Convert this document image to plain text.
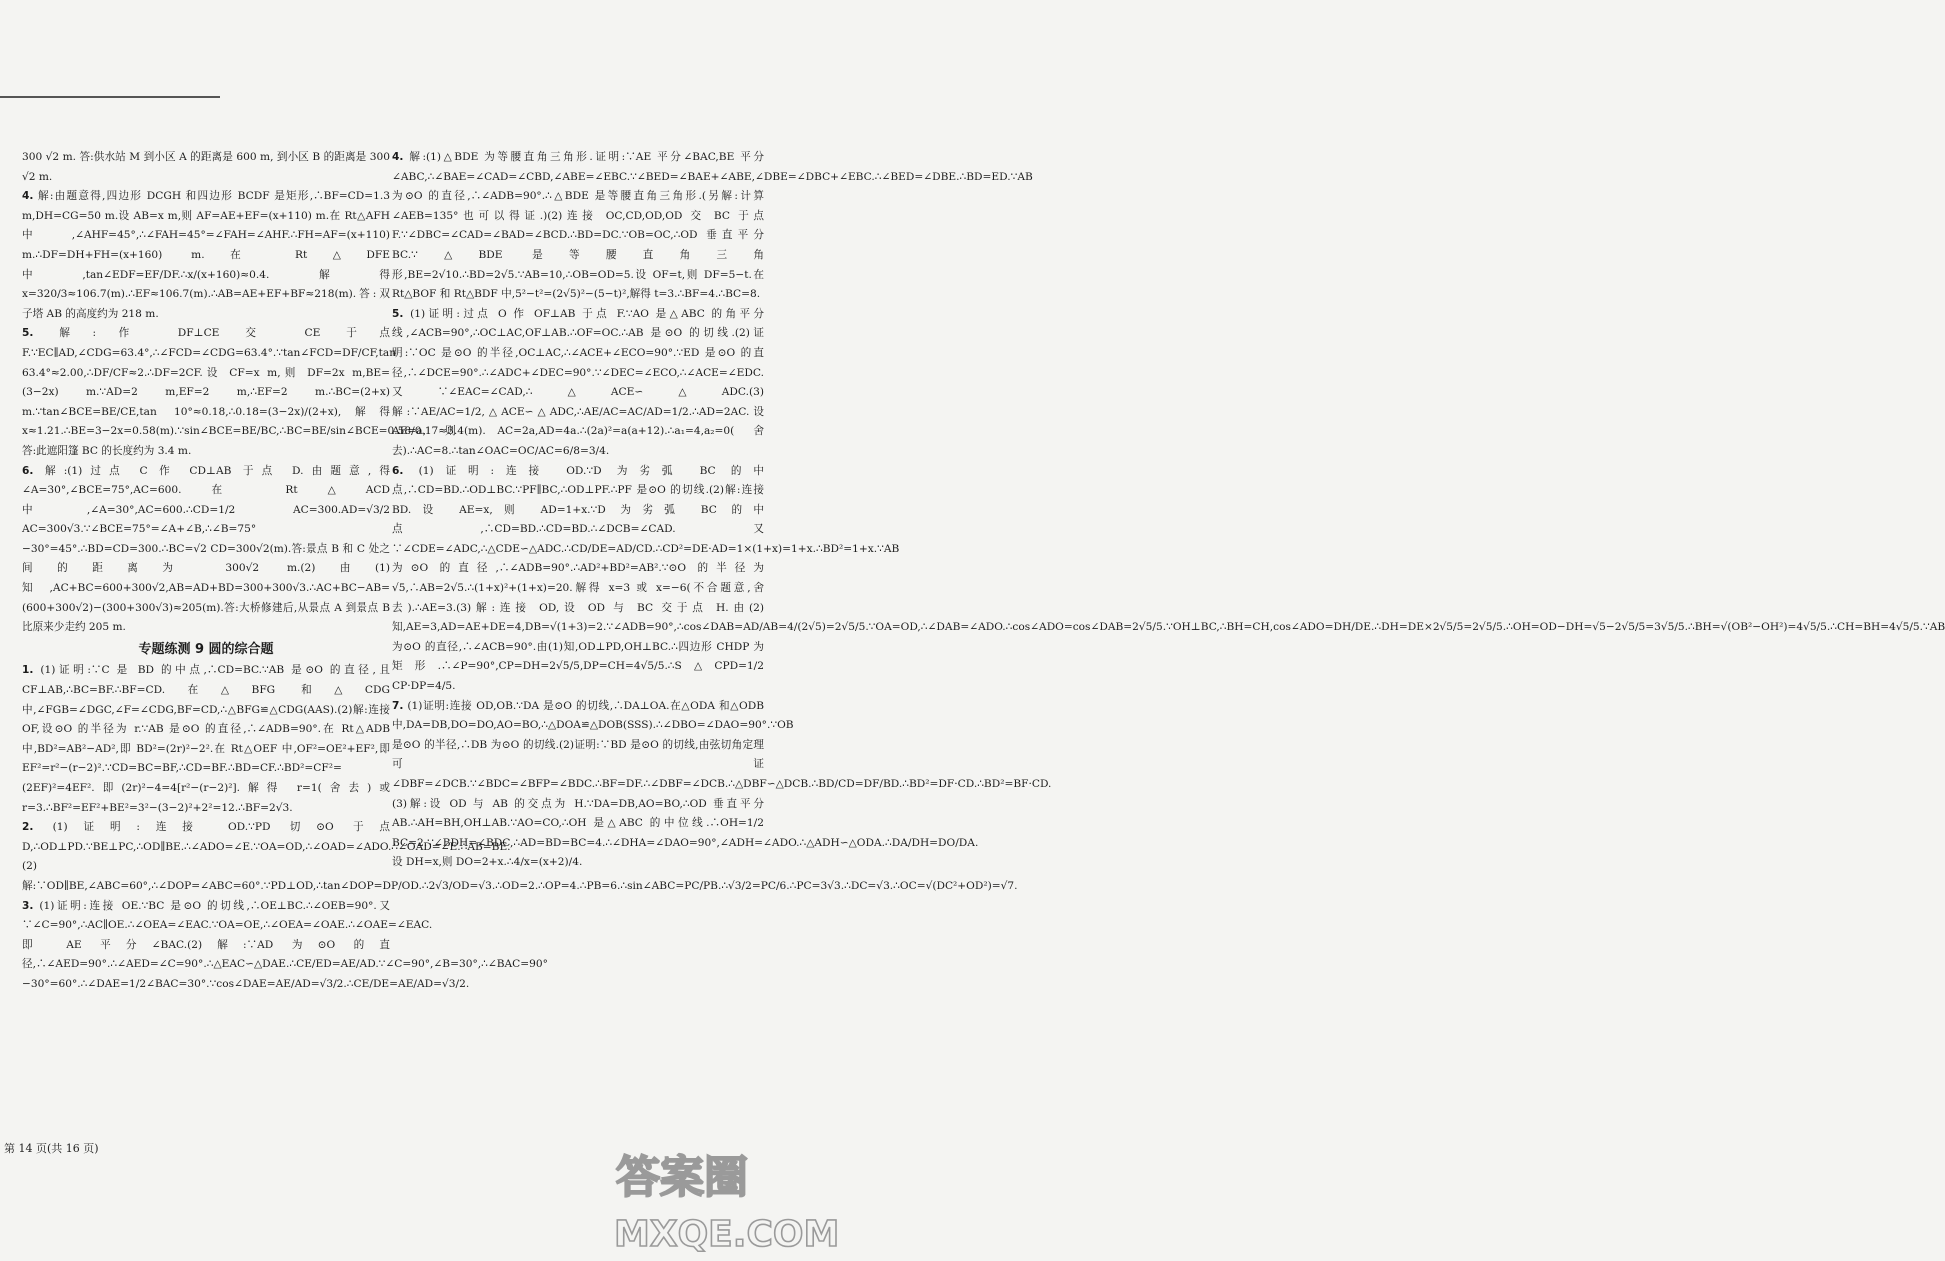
300 √2 m. 答:供水站 M 到小区 A 的距离是 600 m, 到小区 B 的距离是 300 √2 m.

4. 解:由题意得,四边形 DCGH 和四边形 BCDF 是矩形,∴BF=CD=1.3 m,DH=CG=50 m.设 AB=x m,则 AF=AE+EF=(x+110) m.在 Rt△AFH 中,∠AHF=45°,∴∠FAH=45°=∠FAH=∠AHF.∴FH=AF=(x+110) m.∴DF=DH+FH=(x+160) m.在 Rt△DFE 中,tan∠EDF=EF/DF.∴x/(x+160)≈0.4.解得 x=320/3≈106.7(m).∴EF≈106.7(m).∴AB=AE+EF+BF≈218(m).答:双子塔 AB 的高度约为 218 m.

5. 解:作 DF⊥CE 交 CE 于点 F.∵EC∥AD,∠CDG=63.4°,∴∠FCD=∠CDG=63.4°.∵tan∠FCD=DF/CF,tan 63.4°≈2.00,∴DF/CF≈2.∴DF=2CF.设 CF=x m,则 DF=2x m,BE=(3−2x) m.∵AD=2 m,EF=2 m,∴EF=2 m.∴BC=(2+x) m.∵tan∠BCE=BE/CE,tan 10°≈0.18,∴0.18=(3−2x)/(2+x),解得 x≈1.21.∴BE=3−2x=0.58(m).∵sin∠BCE=BE/BC,∴BC=BE/sin∠BCE=0.58/0.17≈3.4(m).答:此遮阳篷 BC 的长度约为 3.4 m.

6. 解:(1)过点 C 作 CD⊥AB 于点 D.由题意,得∠A=30°,∠BCE=75°,AC=600.在 Rt△ACD 中,∠A=30°,AC=600.∴CD=1/2 AC=300.AD=√3/2 AC=300√3.∵∠BCE=75°=∠A+∠B,∴∠B=75°−30°=45°.∴BD=CD=300.∴BC=√2 CD=300√2(m).答:景点 B 和 C 处之间的距离为 300√2 m.(2)由(1)知,AC+BC=600+300√2,AB=AD+BD=300+300√3.∴AC+BC−AB=(600+300√2)−(300+300√3)≈205(m).答:大桥修建后,从景点 A 到景点 B 比原来少走约 205 m.

专题练测 9 圆的综合题

1. (1)证明:∵C 是 BD 的中点,∴CD=BC.∵AB 是⊙O 的直径,且 CF⊥AB,∴BC=BF.∴BF=CD.在△BFG 和△CDG 中,∠FGB=∠DGC,∠F=∠CDG,BF=CD,∴△BFG≌△CDG(AAS).(2)解:连接 OF,设⊙O 的半径为 r.∵AB 是⊙O 的直径,∴∠ADB=90°.在 Rt△ADB 中,BD²=AB²−AD²,即 BD²=(2r)²−2².在 Rt△OEF 中,OF²=OE²+EF²,即 EF²=r²−(r−2)².∵CD=BC=BF,∴CD=BF.∴BD=CF.∴BD²=CF²=(2EF)²=4EF².即(2r)²−4=4[r²−(r−2)²].解得 r=1(舍去)或 r=3.∴BF²=EF²+BE²=3²−(3−2)²+2²=12.∴BF=2√3.

2. (1)证明:连接 OD.∵PD 切⊙O 于点 D,∴OD⊥PD.∵BE⊥PC,∴OD∥BE.∴∠ADO=∠E.∵OA=OD,∴∠OAD=∠ADO.∴∠OAD=∠E.∴AB=BE.(2)解:∵OD∥BE,∠ABC=60°,∴∠DOP=∠ABC=60°.∵PD⊥OD,∴tan∠DOP=DP/OD.∴2√3/OD=√3.∴OD=2.∴OP=4.∴PB=6.∴sin∠ABC=PC/PB.∴√3/2=PC/6.∴PC=3√3.∴DC=√3.∴OC=√(DC²+OD²)=√7.

3. (1)证明:连接 OE.∵BC 是⊙O 的切线,∴OE⊥BC.∴∠OEB=90°.又∵∠C=90°,∴AC∥OE.∴∠OEA=∠EAC.∵OA=OE,∴∠OEA=∠OAE.∴∠OAE=∠EAC.即 AE 平分∠BAC.(2)解:∵AD 为⊙O 的直径,∴∠AED=90°.∴∠AED=∠C=90°.∴△EAC∽△DAE.∴CE/ED=AE/AD.∵∠C=90°,∠B=30°,∴∠BAC=90°−30°=60°.∴∠DAE=1/2∠BAC=30°.∵cos∠DAE=AE/AD=√3/2.∴CE/DE=AE/AD=√3/2.

4. 解:(1)△BDE 为等腰直角三角形.证明:∵AE 平分∠BAC,BE 平分∠ABC,∴∠BAE=∠CAD=∠CBD,∠ABE=∠EBC.∵∠BED=∠BAE+∠ABE,∠DBE=∠DBC+∠EBC.∴∠BED=∠DBE.∴BD=ED.∵AB 为⊙O 的直径,∴∠ADB=90°.∴△BDE 是等腰直角三角形.(另解:计算∠AEB=135°也可以得证.)(2)连接 OC,CD,OD,OD 交 BC 于点 F.∵∠DBC=∠CAD=∠BAD=∠BCD.∴BD=DC.∵OB=OC,∴OD 垂直平分 BC.∵△BDE 是等腰直角三角形,BE=2√10.∴BD=2√5.∵AB=10,∴OB=OD=5.设 OF=t,则 DF=5−t.在 Rt△BOF 和 Rt△BDF 中,5²−t²=(2√5)²−(5−t)²,解得 t=3.∴BF=4.∴BC=8.

5. (1)证明:过点 O 作 OF⊥AB 于点 F.∵AO 是△ABC 的角平分线,∠ACB=90°,∴OC⊥AC,OF⊥AB.∴OF=OC.∴AB 是⊙O 的切线.(2)证明:∵OC 是⊙O 的半径,OC⊥AC,∴∠ACE+∠ECO=90°.∵ED 是⊙O 的直径,∴∠DCE=90°.∴∠ADC+∠DEC=90°.∵∠DEC=∠ECO,∴∠ACE=∠EDC.又∵∠EAC=∠CAD,∴△ACE∽△ADC.(3)解:∵AE/AC=1/2,△ACE∽△ADC,∴AE/AC=AC/AD=1/2.∴AD=2AC.设 AE=a,则 AC=2a,AD=4a.∴(2a)²=a(a+12).∴a₁=4,a₂=0(舍去).∴AC=8.∴tan∠OAC=OC/AC=6/8=3/4.

6. (1)证明:连接 OD.∵D 为劣弧 BC 的中点,∴CD=BD.∴OD⊥BC.∵PF∥BC,∴OD⊥PF.∴PF 是⊙O 的切线.(2)解:连接 BD.设 AE=x,则 AD=1+x.∵D 为劣弧 BC 的中点,∴CD=BD.∴CD=BD.∴∠DCB=∠CAD.又∵∠CDE=∠ADC,∴△CDE∽△ADC.∴CD/DE=AD/CD.∴CD²=DE·AD=1×(1+x)=1+x.∴BD²=1+x.∵AB 为⊙O 的直径,∴∠ADB=90°.∴AD²+BD²=AB².∵⊙O 的半径为√5,∴AB=2√5.∴(1+x)²+(1+x)=20.解得 x=3 或 x=−6(不合题意,舍去).∴AE=3.(3)解:连接 OD,设 OD 与 BC 交于点 H.由(2)知,AE=3,AD=AE+DE=4,DB=√(1+3)=2.∵∠ADB=90°,∴cos∠DAB=AD/AB=4/(2√5)=2√5/5.∵OA=OD,∴∠DAB=∠ADO.∴cos∠ADO=cos∠DAB=2√5/5.∵OH⊥BC,∴BH=CH,cos∠ADO=DH/DE.∴DH=DE×2√5/5=2√5/5.∴OH=OD−DH=√5−2√5/5=3√5/5.∴BH=√(OB²−OH²)=4√5/5.∴CH=BH=4√5/5.∵AB 为⊙O 的直径,∴∠ACB=90°.由(1)知,OD⊥PD,OH⊥BC.∴四边形 CHDP 为矩形.∴∠P=90°,CP=DH=2√5/5,DP=CH=4√5/5.∴S△CPD=1/2 CP·DP=4/5.

7. (1)证明:连接 OD,OB.∵DA 是⊙O 的切线,∴DA⊥OA.在△ODA 和△ODB 中,DA=DB,DO=DO,AO=BO,∴△DOA≌△DOB(SSS).∴∠DBO=∠DAO=90°.∵OB 是⊙O 的半径,∴DB 为⊙O 的切线.(2)证明:∵BD 是⊙O 的切线,由弦切角定理可证∠DBF=∠DCB.∵∠BDC=∠BFP=∠BDC.∴BF=DF.∴∠DBF=∠DCB.∴△DBF∽△DCB.∴BD/CD=DF/BD.∴BD²=DF·CD.∴BD²=BF·CD.(3)解:设 OD 与 AB 的交点为 H.∵DA=DB,AO=BO,∴OD 垂直平分 AB.∴AH=BH,OH⊥AB.∵AO=CO,∴OH 是△ABC 的中位线.∴OH=1/2 BC=2.∵∠BDH=∠BDC,∴AD=BD=BC=4.∴∠DHA=∠DAO=90°,∠ADH=∠ADO.∴△ADH∽△ODA.∴DA/DH=DO/DA.设 DH=x,则 DO=2+x.∴4/x=(x+2)/4.

第 14 页(共 16 页)
答案圈
MXQE.COM
